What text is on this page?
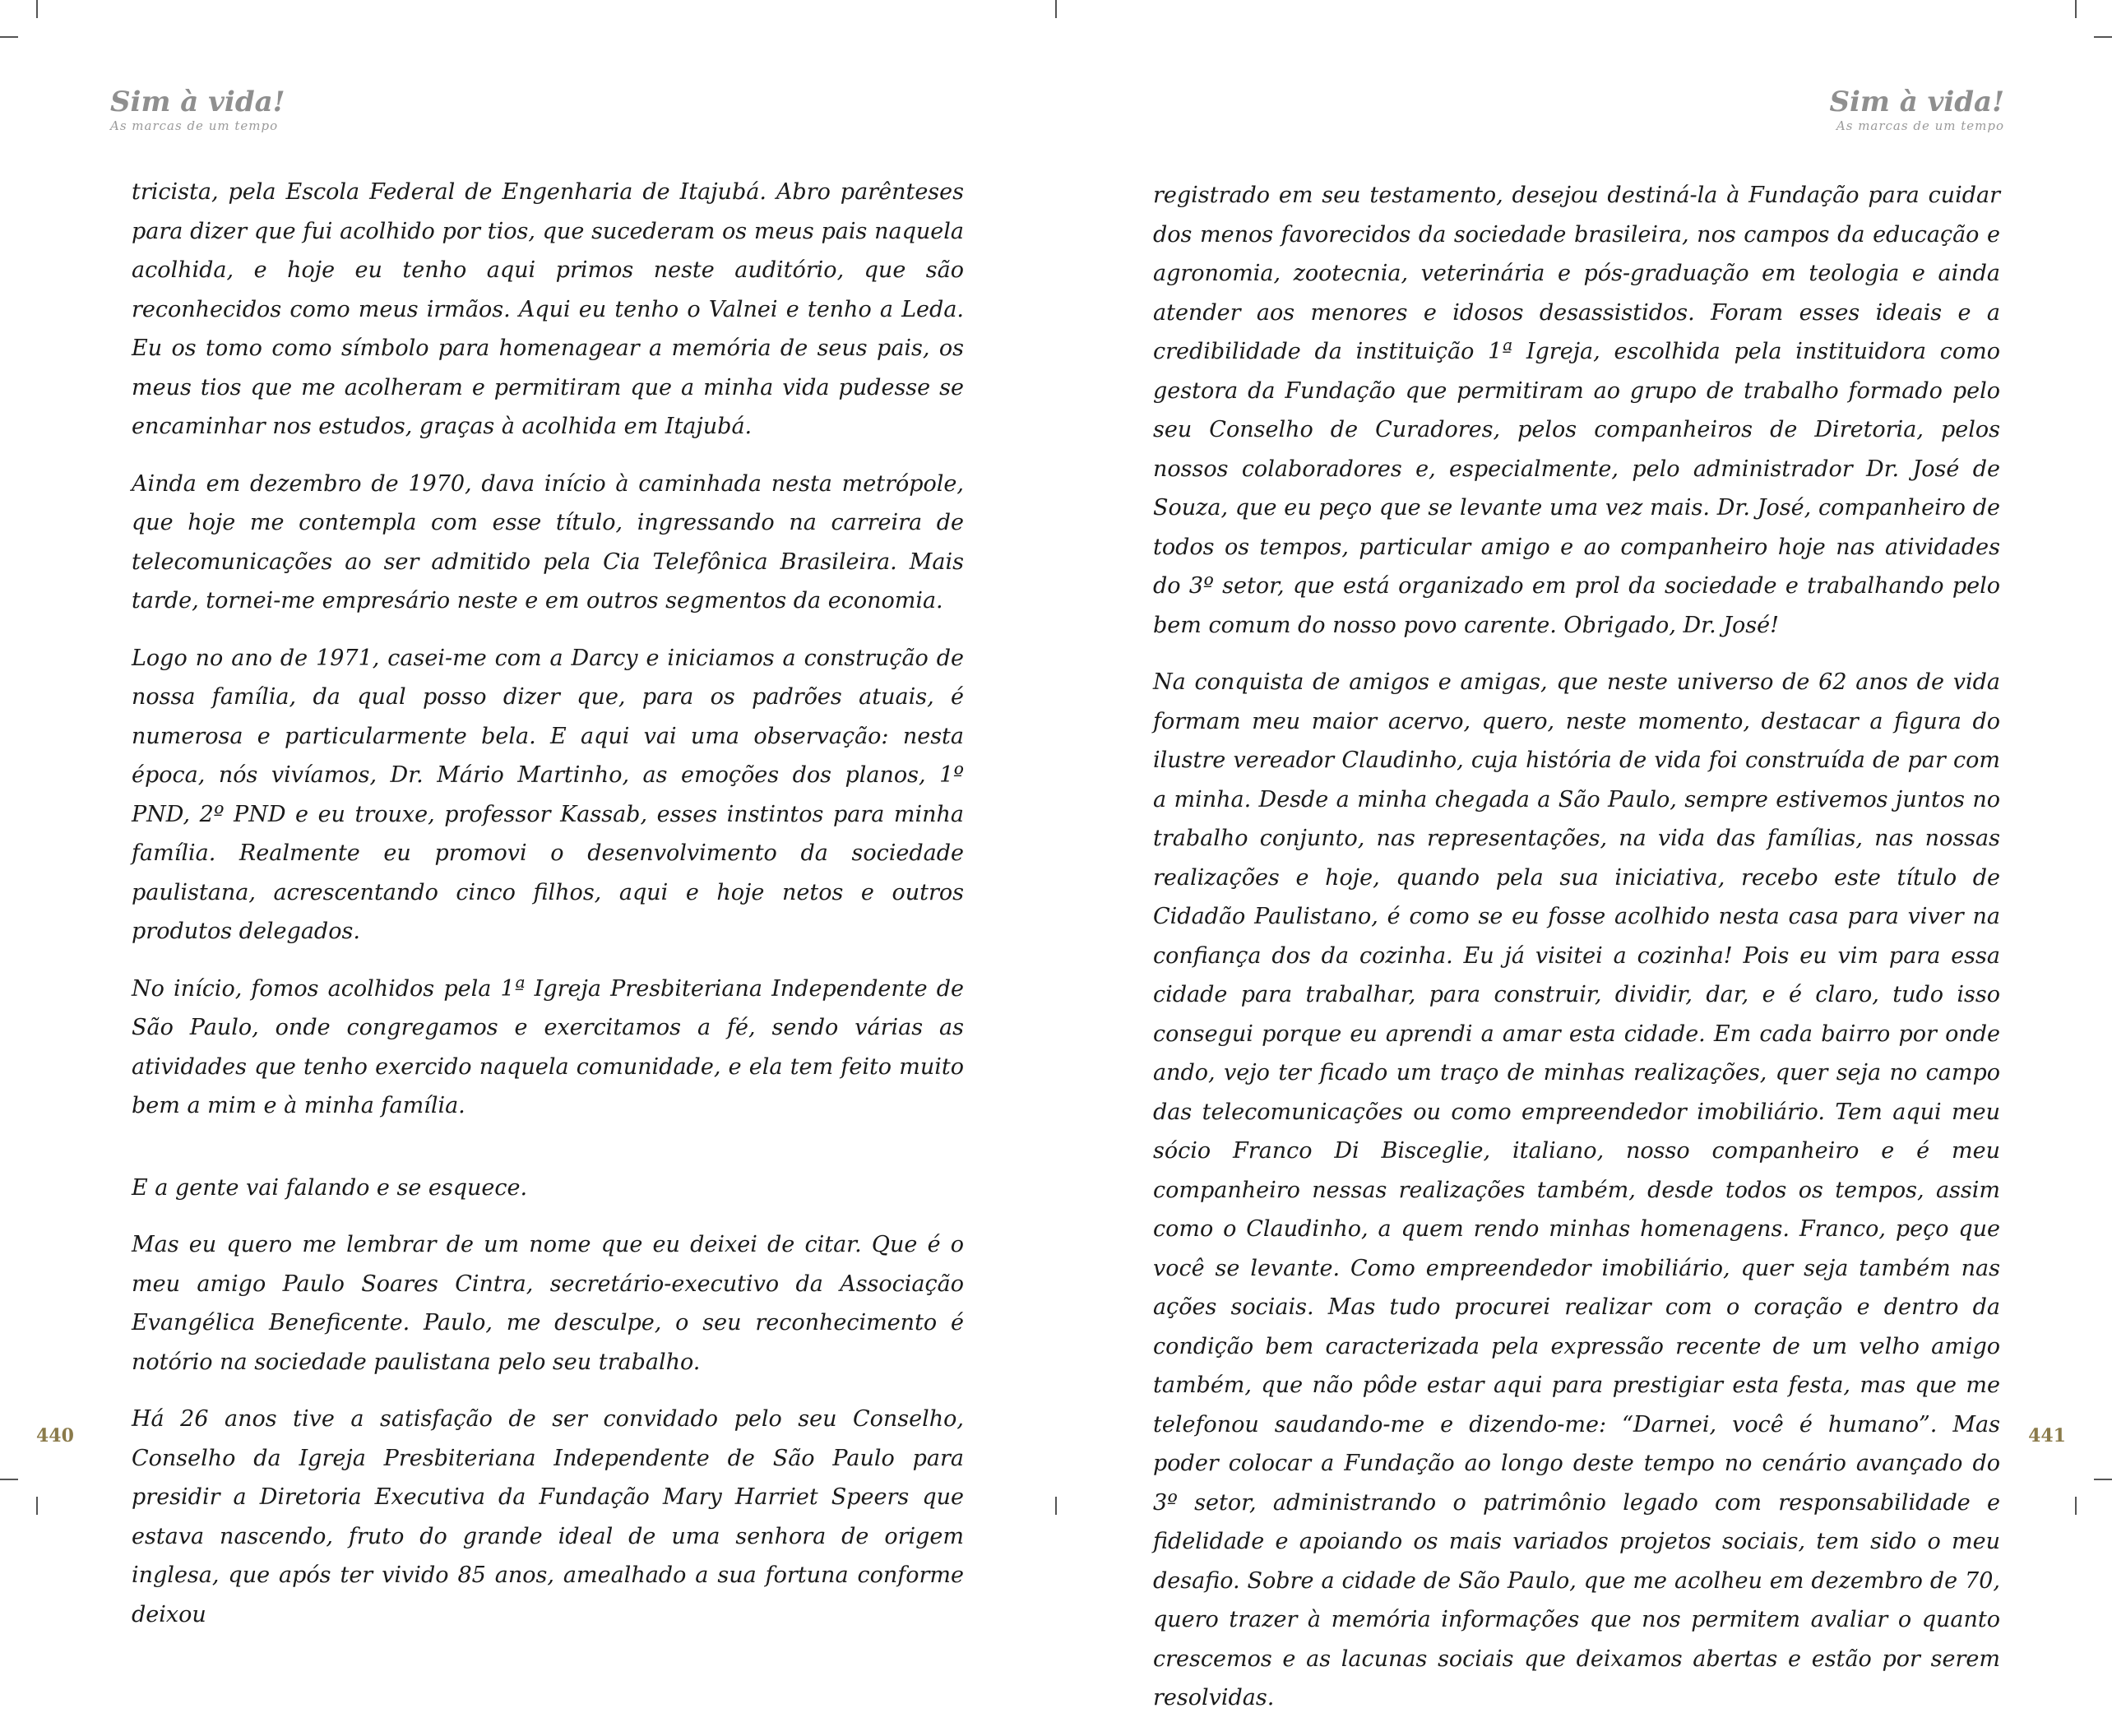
Sim à vida!
As marcas de um tempo

tricista, pela Escola Federal de Engenharia de Itajubá. Abro parênteses para dizer que fui acolhido por tios, que sucederam os meus pais naquela acolhida, e hoje eu tenho aqui primos neste auditório, que são reconhecidos como meus irmãos. Aqui eu tenho o Valnei e tenho a Leda. Eu os tomo como símbolo para homenagear a memória de seus pais, os meus tios que me acolheram e permitiram que a minha vida pudesse se encaminhar nos estudos, graças à acolhida em Itajubá.

Ainda em dezembro de 1970, dava início à caminhada nesta metrópole, que hoje me contempla com esse título, ingressando na carreira de telecomunicações ao ser admitido pela Cia Telefônica Brasileira. Mais tarde, tornei-me empresário neste e em outros segmentos da economia.

Logo no ano de 1971, casei-me com a Darcy e iniciamos a construção de nossa família, da qual posso dizer que, para os padrões atuais, é numerosa e particularmente bela. E aqui vai uma observação: nesta época, nós vivíamos, Dr. Mário Martinho, as emoções dos planos, 1º PND, 2º PND e eu trouxe, professor Kassab, esses instintos para minha família. Realmente eu promovi o desenvolvimento da sociedade paulistana, acrescentando cinco filhos, aqui e hoje netos e outros produtos delegados.

No início, fomos acolhidos pela 1ª Igreja Presbiteriana Independente de São Paulo, onde congregamos e exercitamos a fé, sendo várias as atividades que tenho exercido naquela comunidade, e ela tem feito muito bem a mim e à minha família.

E a gente vai falando e se esquece.

Mas eu quero me lembrar de um nome que eu deixei de citar. Que é o meu amigo Paulo Soares Cintra, secretário-executivo da Associação Evangélica Beneficente. Paulo, me desculpe, o seu reconhecimento é notório na sociedade paulistana pelo seu trabalho.

Há 26 anos tive a satisfação de ser convidado pelo seu Conselho, Conselho da Igreja Presbiteriana Independente de São Paulo para presidir a Diretoria Executiva da Fundação Mary Harriet Speers que estava nascendo, fruto do grande ideal de uma senhora de origem inglesa, que após ter vivido 85 anos, amealhado a sua fortuna conforme deixou

440
Sim à vida!
As marcas de um tempo

registrado em seu testamento, desejou destiná-la à Fundação para cuidar dos menos favorecidos da sociedade brasileira, nos campos da educação e agronomia, zootecnia, veterinária e pós-graduação em teologia e ainda atender aos menores e idosos desassistidos. Foram esses ideais e a credibilidade da instituição 1ª Igreja, escolhida pela instituidora como gestora da Fundação que permitiram ao grupo de trabalho formado pelo seu Conselho de Curadores, pelos companheiros de Diretoria, pelos nossos colaboradores e, especialmente, pelo administrador Dr. José de Souza, que eu peço que se levante uma vez mais. Dr. José, companheiro de todos os tempos, particular amigo e ao companheiro hoje nas atividades do 3º setor, que está organizado em prol da sociedade e trabalhando pelo bem comum do nosso povo carente. Obrigado, Dr. José!

Na conquista de amigos e amigas, que neste universo de 62 anos de vida formam meu maior acervo, quero, neste momento, destacar a figura do ilustre vereador Claudinho, cuja história de vida foi construída de par com a minha. Desde a minha chegada a São Paulo, sempre estivemos juntos no trabalho conjunto, nas representações, na vida das famílias, nas nossas realizações e hoje, quando pela sua iniciativa, recebo este título de Cidadão Paulistano, é como se eu fosse acolhido nesta casa para viver na confiança dos da cozinha. Eu já visitei a cozinha! Pois eu vim para essa cidade para trabalhar, para construir, dividir, dar, e é claro, tudo isso consegui porque eu aprendi a amar esta cidade. Em cada bairro por onde ando, vejo ter ficado um traço de minhas realizações, quer seja no campo das telecomunicações ou como empreendedor imobiliário. Tem aqui meu sócio Franco Di Bisceglie, italiano, nosso companheiro e é meu companheiro nessas realizações também, desde todos os tempos, assim como o Claudinho, a quem rendo minhas homenagens. Franco, peço que você se levante. Como empreendedor imobiliário, quer seja também nas ações sociais. Mas tudo procurei realizar com o coração e dentro da condição bem caracterizada pela expressão recente de um velho amigo também, que não pôde estar aqui para prestigiar esta festa, mas que me telefonou saudando-me e dizendo-me: “Darnei, você é humano”. Mas poder colocar a Fundação ao longo deste tempo no cenário avançado do 3º setor, administrando o patrimônio legado com responsabilidade e fidelidade e apoiando os mais variados projetos sociais, tem sido o meu desafio. Sobre a cidade de São Paulo, que me acolheu em dezembro de 70, quero trazer à memória informações que nos permitem avaliar o quanto crescemos e as lacunas sociais que deixamos abertas e estão por serem resolvidas.

441
